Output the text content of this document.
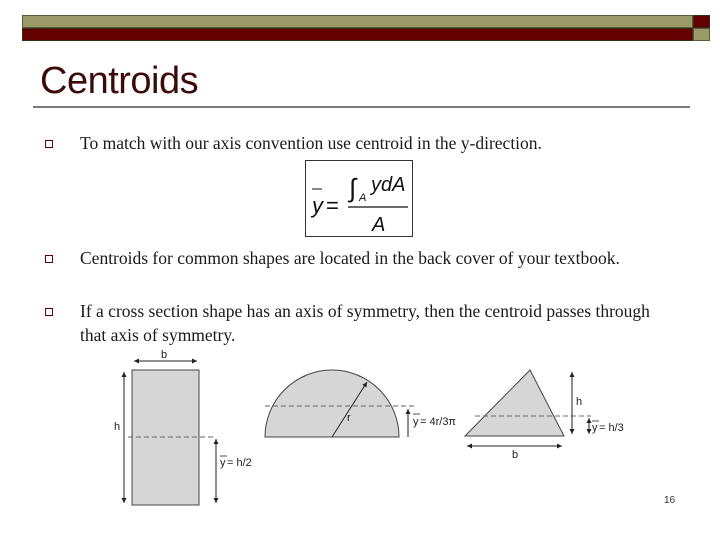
Centroids
To match with our axis convention use centroid in the y-direction.
y =
∫ A
ydA
A
Centroids for common shapes are located in the back cover of your textbook.
If a cross section shape has an axis of symmetry, then the centroid passes through that axis of symmetry.
b
h
y = h/2
r	y = 4r/3π
h
y = h/3
b
16
